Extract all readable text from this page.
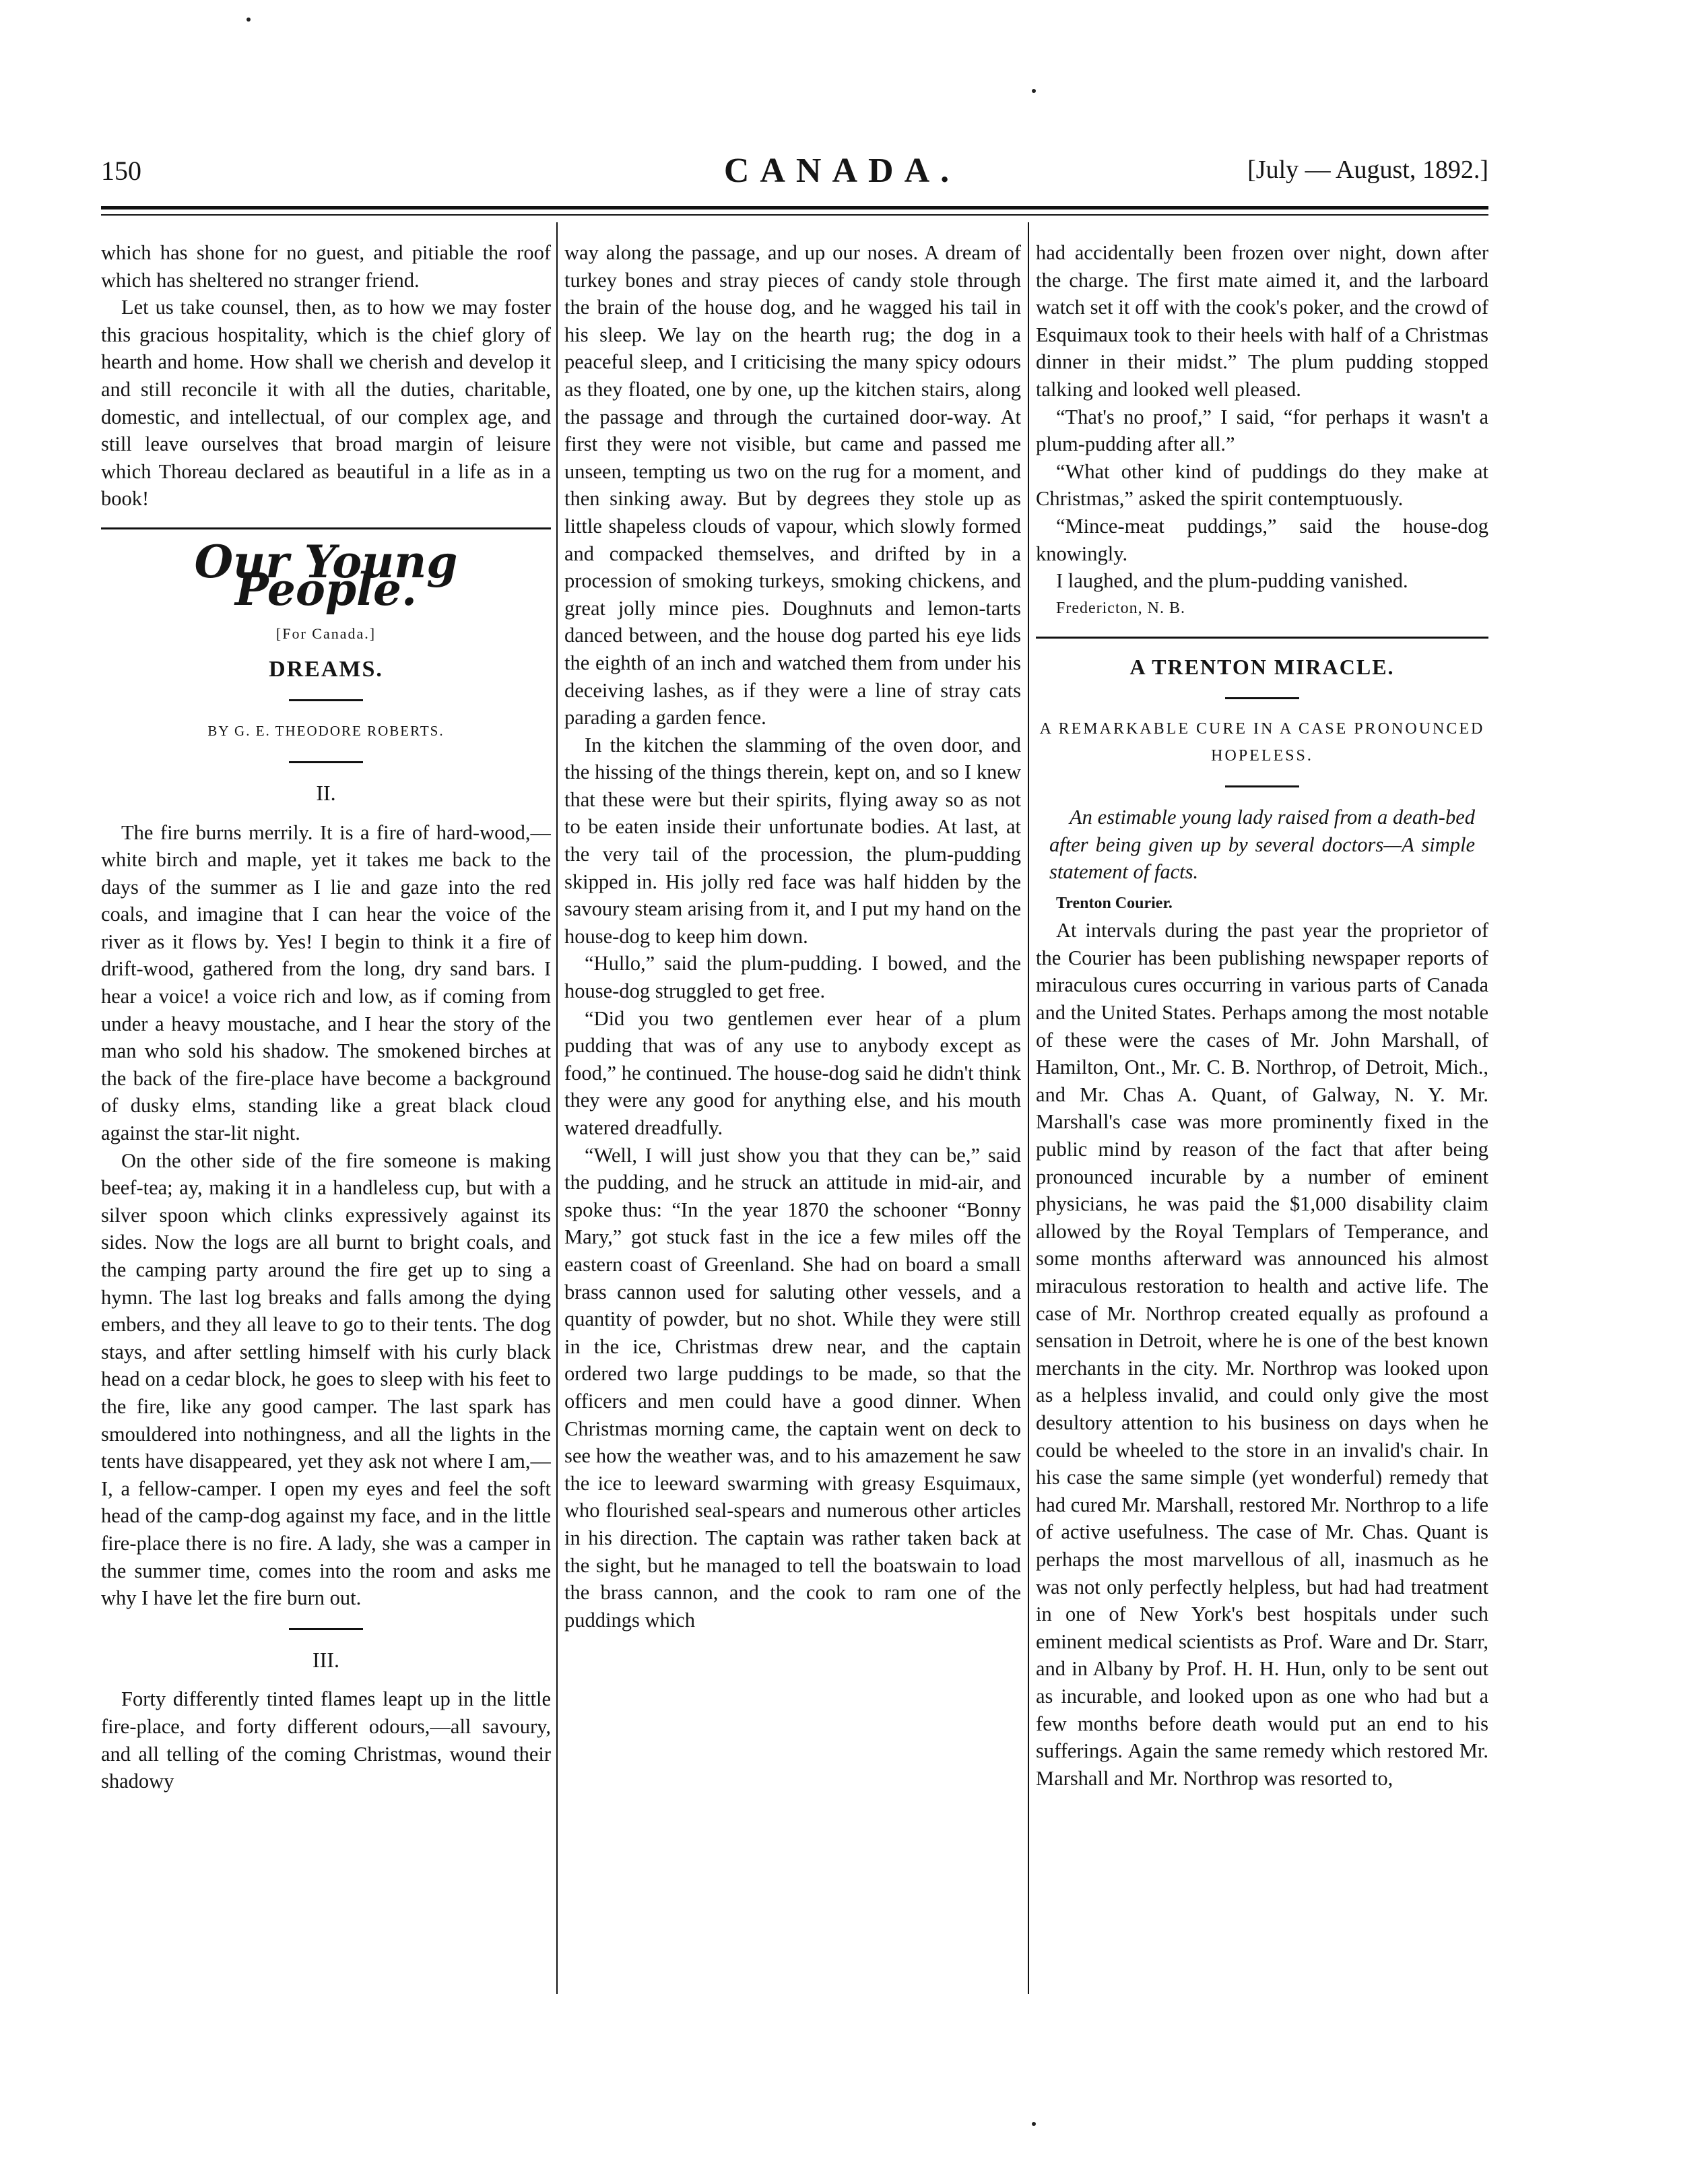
150	CANADA.	[July — August, 1892.]

which has shone for no guest, and pitiable the roof which has sheltered no stranger friend.

Let us take counsel, then, as to how we may foster this gracious hospitality, which is the chief glory of hearth and home. How shall we cherish and develop it and still reconcile it with all the duties, charitable, domestic, and intellectual, of our complex age, and still leave ourselves that broad margin of leisure which Thoreau declared as beautiful in a life as in a book!

Our Young People.

[For Canada.]

DREAMS.

BY G. E. THEODORE ROBERTS.

II.

The fire burns merrily. It is a fire of hard-wood,—white birch and maple, yet it takes me back to the days of the summer as I lie and gaze into the red coals, and imagine that I can hear the voice of the river as it flows by. Yes! I begin to think it a fire of drift-wood, gathered from the long, dry sand bars. I hear a voice! a voice rich and low, as if coming from under a heavy moustache, and I hear the story of the man who sold his shadow. The smokened birches at the back of the fire-place have become a background of dusky elms, standing like a great black cloud against the star-lit night.

On the other side of the fire someone is making beef-tea; ay, making it in a handleless cup, but with a silver spoon which clinks expressively against its sides. Now the logs are all burnt to bright coals, and the camping party around the fire get up to sing a hymn. The last log breaks and falls among the dying embers, and they all leave to go to their tents. The dog stays, and after settling himself with his curly black head on a cedar block, he goes to sleep with his feet to the fire, like any good camper. The last spark has smouldered into nothingness, and all the lights in the tents have disappeared, yet they ask not where I am,—I, a fellow-camper. I open my eyes and feel the soft head of the camp-dog against my face, and in the little fire-place there is no fire. A lady, she was a camper in the summer time, comes into the room and asks me why I have let the fire burn out.

III.

Forty differently tinted flames leapt up in the little fire-place, and forty different odours,—all savoury, and all telling of the coming Christmas, wound their shadowy

way along the passage, and up our noses. A dream of turkey bones and stray pieces of candy stole through the brain of the house dog, and he wagged his tail in his sleep. We lay on the hearth rug; the dog in a peaceful sleep, and I criticising the many spicy odours as they floated, one by one, up the kitchen stairs, along the passage and through the curtained door-way. At first they were not visible, but came and passed me unseen, tempting us two on the rug for a moment, and then sinking away. But by degrees they stole up as little shapeless clouds of vapour, which slowly formed and compacked themselves, and drifted by in a procession of smoking turkeys, smoking chickens, and great jolly mince pies. Doughnuts and lemon-tarts danced between, and the house dog parted his eye lids the eighth of an inch and watched them from under his deceiving lashes, as if they were a line of stray cats parading a garden fence.

In the kitchen the slamming of the oven door, and the hissing of the things therein, kept on, and so I knew that these were but their spirits, flying away so as not to be eaten inside their unfortunate bodies. At last, at the very tail of the procession, the plum-pudding skipped in. His jolly red face was half hidden by the savoury steam arising from it, and I put my hand on the house-dog to keep him down.

“Hullo,” said the plum-pudding. I bowed, and the house-dog struggled to get free.

“Did you two gentlemen ever hear of a plum pudding that was of any use to anybody except as food,” he continued. The house-dog said he didn't think they were any good for anything else, and his mouth watered dreadfully.

“Well, I will just show you that they can be,” said the pudding, and he struck an attitude in mid-air, and spoke thus: “In the year 1870 the schooner “Bonny Mary,” got stuck fast in the ice a few miles off the eastern coast of Greenland. She had on board a small brass cannon used for saluting other vessels, and a quantity of powder, but no shot. While they were still in the ice, Christmas drew near, and the captain ordered two large puddings to be made, so that the officers and men could have a good dinner. When Christmas morning came, the captain went on deck to see how the weather was, and to his amazement he saw the ice to leeward swarming with greasy Esquimaux, who flourished seal-spears and numerous other articles in his direction. The captain was rather taken back at the sight, but he managed to tell the boatswain to load the brass cannon, and the cook to ram one of the puddings which

had accidentally been frozen over night, down after the charge. The first mate aimed it, and the larboard watch set it off with the cook's poker, and the crowd of Esquimaux took to their heels with half of a Christmas dinner in their midst.” The plum pudding stopped talking and looked well pleased.

“That's no proof,” I said, “for perhaps it wasn't a plum-pudding after all.”

“What other kind of puddings do they make at Christmas,” asked the spirit contemptuously.

“Mince-meat puddings,” said the house-dog knowingly.

I laughed, and the plum-pudding vanished.

Fredericton, N. B.

A TRENTON MIRACLE.

A REMARKABLE CURE IN A CASE PRONOUNCED HOPELESS.

An estimable young lady raised from a death-bed after being given up by several doctors—A simple statement of facts.

Trenton Courier.

At intervals during the past year the proprietor of the Courier has been publishing newspaper reports of miraculous cures occurring in various parts of Canada and the United States. Perhaps among the most notable of these were the cases of Mr. John Marshall, of Hamilton, Ont., Mr. C. B. Northrop, of Detroit, Mich., and Mr. Chas A. Quant, of Galway, N. Y. Mr. Marshall's case was more prominently fixed in the public mind by reason of the fact that after being pronounced incurable by a number of eminent physicians, he was paid the $1,000 disability claim allowed by the Royal Templars of Temperance, and some months afterward was announced his almost miraculous restoration to health and active life. The case of Mr. Northrop created equally as profound a sensation in Detroit, where he is one of the best known merchants in the city. Mr. Northrop was looked upon as a helpless invalid, and could only give the most desultory attention to his business on days when he could be wheeled to the store in an invalid's chair. In his case the same simple (yet wonderful) remedy that had cured Mr. Marshall, restored Mr. Northrop to a life of active usefulness. The case of Mr. Chas. Quant is perhaps the most marvellous of all, inasmuch as he was not only perfectly helpless, but had had treatment in one of New York's best hospitals under such eminent medical scientists as Prof. Ware and Dr. Starr, and in Albany by Prof. H. H. Hun, only to be sent out as incurable, and looked upon as one who had but a few months before death would put an end to his sufferings. Again the same remedy which restored Mr. Marshall and Mr. Northrop was resorted to,
